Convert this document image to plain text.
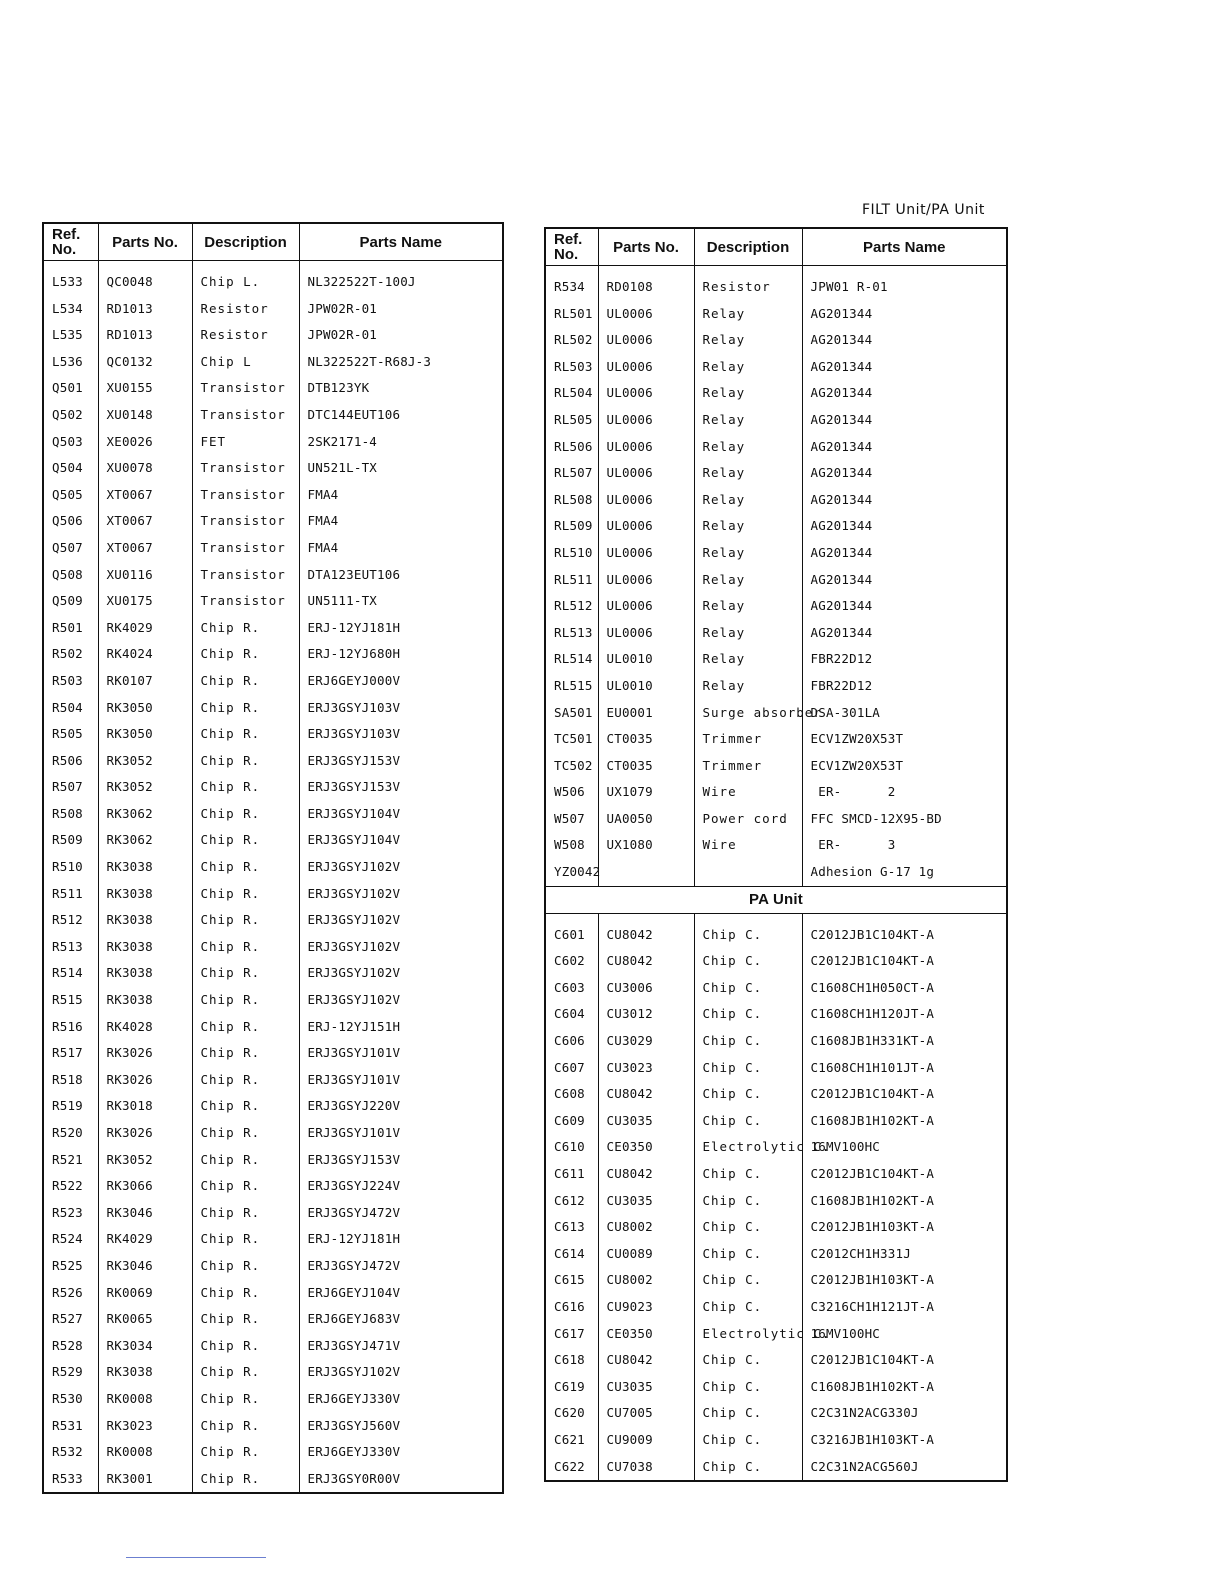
FILT Unit/PA Unit
Ref.
No.	Parts No.	Description	Parts Name

L533	QC0048	Chip L.	NL322522T-100J
L534	RD1013	Resistor	JPW02R-01
L535	RD1013	Resistor	JPW02R-01
L536	QC0132	Chip L	NL322522T-R68J-3
Q501	XU0155	Transistor	DTB123YK
Q502	XU0148	Transistor	DTC144EUT106
Q503	XE0026	FET	2SK2171-4
Q504	XU0078	Transistor	UN521L-TX
Q505	XT0067	Transistor	FMA4
Q506	XT0067	Transistor	FMA4
Q507	XT0067	Transistor	FMA4
Q508	XU0116	Transistor	DTA123EUT106
Q509	XU0175	Transistor	UN5111-TX
R501	RK4029	Chip R.	ERJ-12YJ181H
R502	RK4024	Chip R.	ERJ-12YJ680H
R503	RK0107	Chip R.	ERJ6GEYJ000V
R504	RK3050	Chip R.	ERJ3GSYJ103V
R505	RK3050	Chip R.	ERJ3GSYJ103V
R506	RK3052	Chip R.	ERJ3GSYJ153V
R507	RK3052	Chip R.	ERJ3GSYJ153V
R508	RK3062	Chip R.	ERJ3GSYJ104V
R509	RK3062	Chip R.	ERJ3GSYJ104V
R510	RK3038	Chip R.	ERJ3GSYJ102V
R511	RK3038	Chip R.	ERJ3GSYJ102V
R512	RK3038	Chip R.	ERJ3GSYJ102V
R513	RK3038	Chip R.	ERJ3GSYJ102V
R514	RK3038	Chip R.	ERJ3GSYJ102V
R515	RK3038	Chip R.	ERJ3GSYJ102V
R516	RK4028	Chip R.	ERJ-12YJ151H
R517	RK3026	Chip R.	ERJ3GSYJ101V
R518	RK3026	Chip R.	ERJ3GSYJ101V
R519	RK3018	Chip R.	ERJ3GSYJ220V
R520	RK3026	Chip R.	ERJ3GSYJ101V
R521	RK3052	Chip R.	ERJ3GSYJ153V
R522	RK3066	Chip R.	ERJ3GSYJ224V
R523	RK3046	Chip R.	ERJ3GSYJ472V
R524	RK4029	Chip R.	ERJ-12YJ181H
R525	RK3046	Chip R.	ERJ3GSYJ472V
R526	RK0069	Chip R.	ERJ6GEYJ104V
R527	RK0065	Chip R.	ERJ6GEYJ683V
R528	RK3034	Chip R.	ERJ3GSYJ471V
R529	RK3038	Chip R.	ERJ3GSYJ102V
R530	RK0008	Chip R.	ERJ6GEYJ330V
R531	RK3023	Chip R.	ERJ3GSYJ560V
R532	RK0008	Chip R.	ERJ6GEYJ330V
R533	RK3001	Chip R.	ERJ3GSY0R00V
Ref.
No.	Parts No.	Description	Parts Name

R534	RD0108	Resistor	JPW01 R-01
RL501	UL0006	Relay	AG201344
RL502	UL0006	Relay	AG201344
RL503	UL0006	Relay	AG201344
RL504	UL0006	Relay	AG201344
RL505	UL0006	Relay	AG201344
RL506	UL0006	Relay	AG201344
RL507	UL0006	Relay	AG201344
RL508	UL0006	Relay	AG201344
RL509	UL0006	Relay	AG201344
RL510	UL0006	Relay	AG201344
RL511	UL0006	Relay	AG201344
RL512	UL0006	Relay	AG201344
RL513	UL0006	Relay	AG201344
RL514	UL0010	Relay	FBR22D12
RL515	UL0010	Relay	FBR22D12
SA501	EU0001	Surge absorber	DSA-301LA
TC501	CT0035	Trimmer	ECV1ZW20X53T
TC502	CT0035	Trimmer	ECV1ZW20X53T
W506	UX1079	Wire	ER-      2
W507	UA0050	Power cord	FFC SMCD-12X95-BD
W508	UX1080	Wire	ER-      3
YZ0042			Adhesion G-17 1g
PA Unit			

C601	CU8042	Chip C.	C2012JB1C104KT-A
C602	CU8042	Chip C.	C2012JB1C104KT-A
C603	CU3006	Chip C.	C1608CH1H050CT-A
C604	CU3012	Chip C.	C1608CH1H120JT-A
C606	CU3029	Chip C.	C1608JB1H331KT-A
C607	CU3023	Chip C.	C1608CH1H101JT-A
C608	CU8042	Chip C.	C2012JB1C104KT-A
C609	CU3035	Chip C.	C1608JB1H102KT-A
C610	CE0350	Electrolytic C.	16MV100HC
C611	CU8042	Chip C.	C2012JB1C104KT-A
C612	CU3035	Chip C.	C1608JB1H102KT-A
C613	CU8002	Chip C.	C2012JB1H103KT-A
C614	CU0089	Chip C.	C2012CH1H331J
C615	CU8002	Chip C.	C2012JB1H103KT-A
C616	CU9023	Chip C.	C3216CH1H121JT-A
C617	CE0350	Electrolytic C.	16MV100HC
C618	CU8042	Chip C.	C2012JB1C104KT-A
C619	CU3035	Chip C.	C1608JB1H102KT-A
C620	CU7005	Chip C.	C2C31N2ACG330J
C621	CU9009	Chip C.	C3216JB1H103KT-A
C622	CU7038	Chip C.	C2C31N2ACG560J
